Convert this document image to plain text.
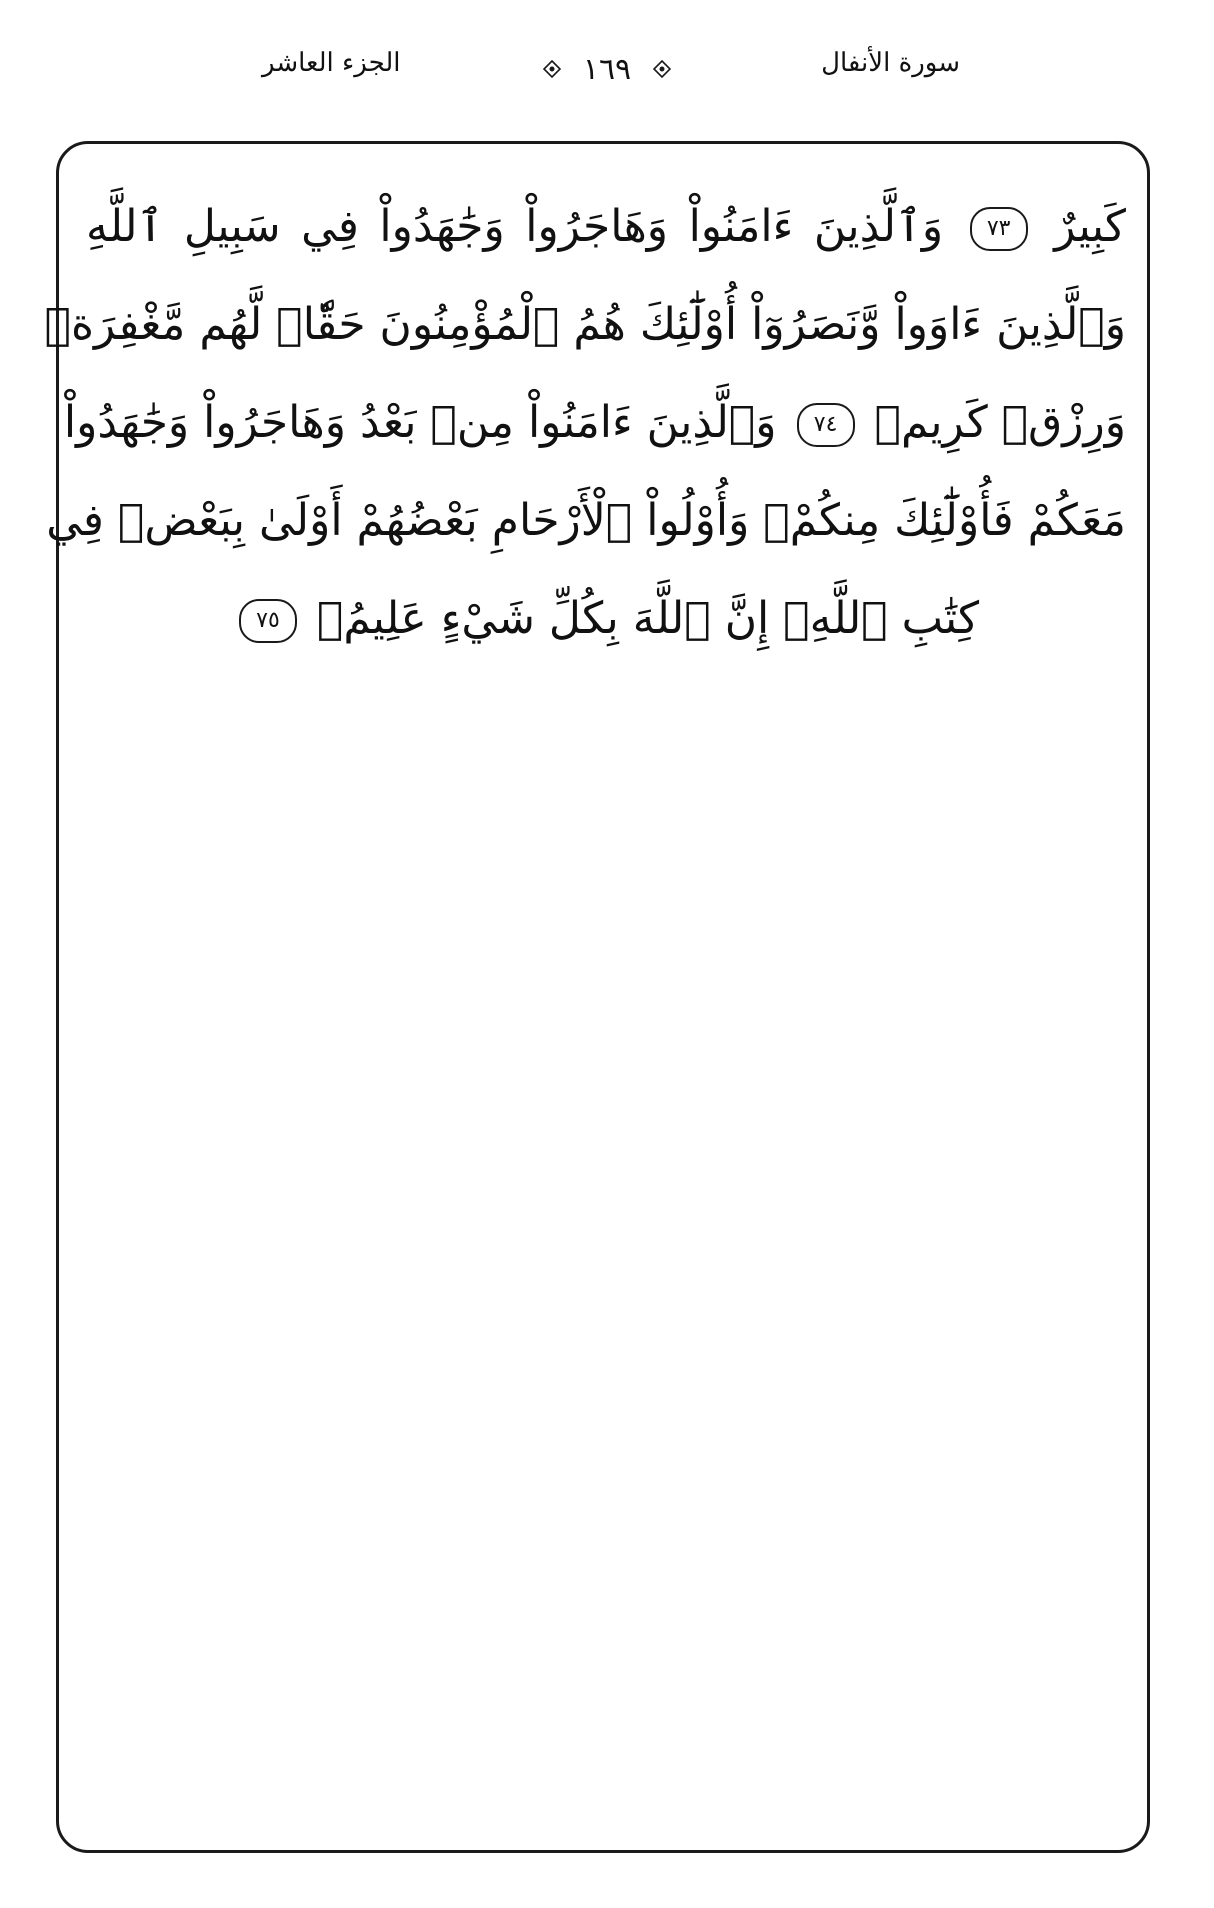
الجزء العاشر	١٦٩	سورة الأنفال
كَبِيرٌ ٧٣ وَٱلَّذِينَ ءَامَنُواْ وَهَاجَرُواْ وَجَٰهَدُواْ فِي سَبِيلِ ٱللَّهِ
وَٱلَّذِينَ ءَاوَواْ وَّنَصَرُوٓاْ أُوْلَٰٓئِكَ هُمُ ٱلْمُؤْمِنُونَ حَقّٗاۚ لَّهُم مَّغْفِرَةٞ
وَرِزْقٞ كَرِيمٞ ٧٤ وَٱلَّذِينَ ءَامَنُواْ مِنۢ بَعْدُ وَهَاجَرُواْ وَجَٰهَدُواْ
مَعَكُمْ فَأُوْلَٰٓئِكَ مِنكُمْۚ وَأُوْلُواْ ٱلْأَرْحَامِ بَعْضُهُمْ أَوْلَىٰ بِبَعْضٖ فِي
كِتَٰبِ ٱللَّهِۚ إِنَّ ٱللَّهَ بِكُلِّ شَيْءٍ عَلِيمُۢ ٧٥
